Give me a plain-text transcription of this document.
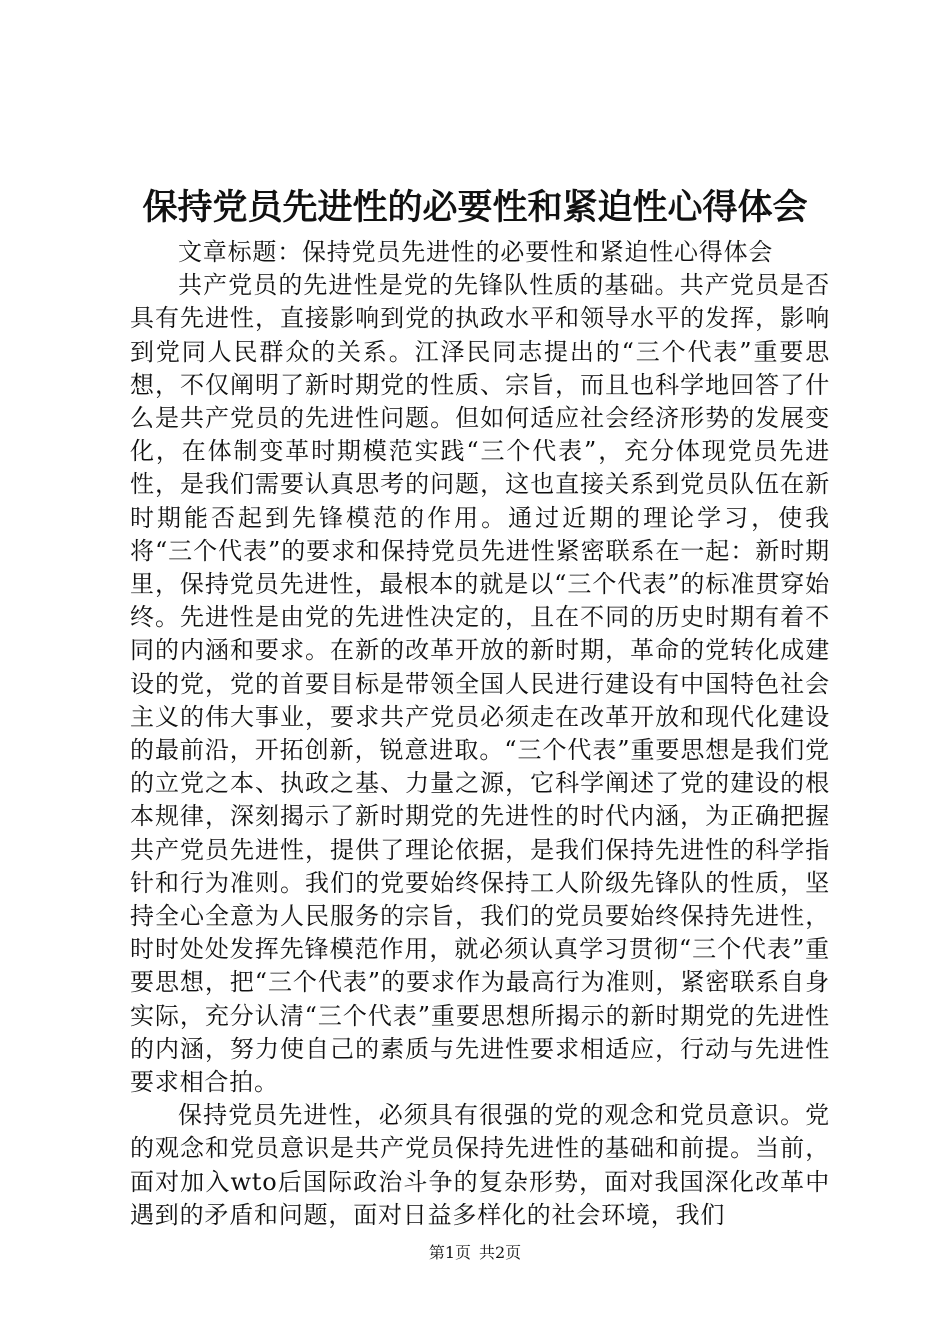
保持党员先进性的必要性和紧迫性心得体会

文章标题：保持党员先进性的必要性和紧迫性心得体会

共产党员的先进性是党的先锋队性质的基础。共产党员是否具有先进性，直接影响到党的执政水平和领导水平的发挥，影响到党同人民群众的关系。江泽民同志提出的“三个代表”重要思想，不仅阐明了新时期党的性质、宗旨，而且也科学地回答了什么是共产党员的先进性问题。但如何适应社会经济形势的发展变化，在体制变革时期模范实践“三个代表”，充分体现党员先进性，是我们需要认真思考的问题，这也直接关系到党员队伍在新时期能否起到先锋模范的作用。通过近期的理论学习，使我将“三个代表”的要求和保持党员先进性紧密联系在一起：新时期里，保持党员先进性，最根本的就是以“三个代表”的标准贯穿始终。先进性是由党的先进性决定的，且在不同的历史时期有着不同的内涵和要求。在新的改革开放的新时期，革命的党转化成建设的党，党的首要目标是带领全国人民进行建设有中国特色社会主义的伟大事业，要求共产党员必须走在改革开放和现代化建设的最前沿，开拓创新，锐意进取。“三个代表”重要思想是我们党的立党之本、执政之基、力量之源，它科学阐述了党的建设的根本规律，深刻揭示了新时期党的先进性的时代内涵，为正确把握共产党员先进性，提供了理论依据，是我们保持先进性的科学指针和行为准则。我们的党要始终保持工人阶级先锋队的性质，坚持全心全意为人民服务的宗旨，我们的党员要始终保持先进性，时时处处发挥先锋模范作用，就必须认真学习贯彻“三个代表”重要思想，把“三个代表”的要求作为最高行为准则，紧密联系自身实际，充分认清“三个代表”重要思想所揭示的新时期党的先进性的内涵，努力使自己的素质与先进性要求相适应，行动与先进性要求相合拍。

保持党员先进性，必须具有很强的党的观念和党员意识。党的观念和党员意识是共产党员保持先进性的基础和前提。当前，面对加入wto后国际政治斗争的复杂形势，面对我国深化改革中遇到的矛盾和问题，面对日益多样化的社会环境，我们

第1页 共2页
